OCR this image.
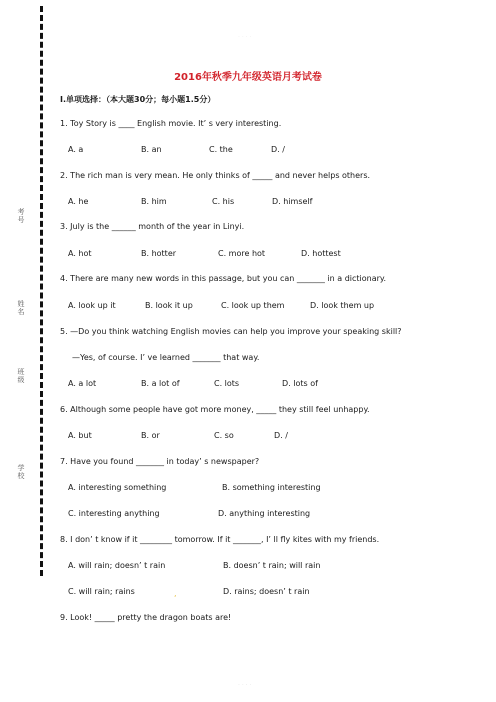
· · · ·
考号
姓名
班级
学校
2016年秋季九年级英语月考试卷
I.单项选择：（本大题30分；每小题1.5分）
1. Toy Story is ____ English movie. It’ s very interesting.
A. a	B. an	C. the	D. /
2. The rich man is very mean. He only thinks of _____ and never helps others.
A. he	B. him	C. his	D. himself
3. July is the ______ month of the year in Linyi.
A. hot	B. hotter	C. more hot	D. hottest
4. There are many new words in this passage, but you can _______ in a dictionary.
A. look up it	B. look it up	C. look up them	D. look them up
5. —Do you think watching English movies can help you improve your speaking skill?
—Yes, of course. I’ ve learned _______ that way.
A. a lot	B. a lot of	C. lots	D. lots of
6. Although some people have got more money, _____ they still feel unhappy.
A. but	B. or	C. so	D. /
7. Have you found _______ in today’ s newspaper?
A. interesting something	B. something interesting
C. interesting anything	D. anything interesting
8. I don’ t know if it ________ tomorrow. If it _______, I’ ll fly kites with my friends.
A. will rain; doesn’ t rain	B. doesn’ t rain; will rain
C. will rain; rains	D. rains; doesn’ t rain
,
9. Look! _____ pretty the dragon boats are!
· · · ·
